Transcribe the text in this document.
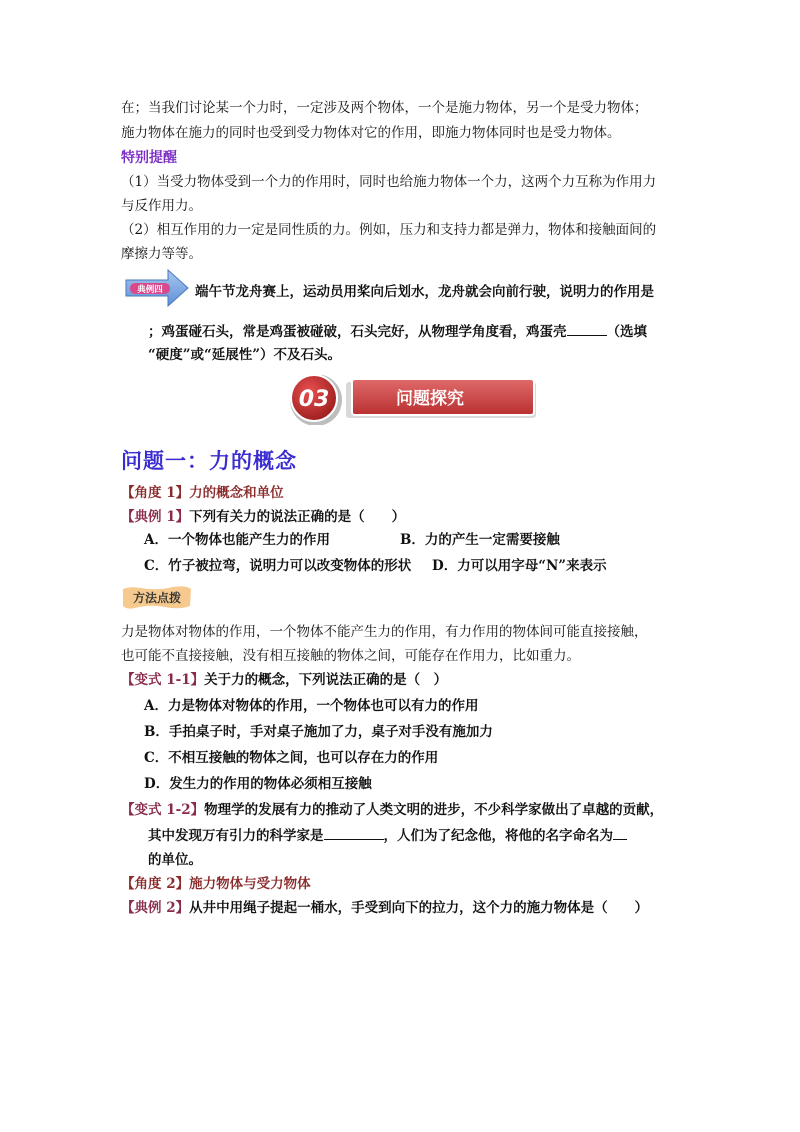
在；当我们讨论某一个力时，一定涉及两个物体，一个是施力物体，另一个是受力物体；
施力物体在施力的同时也受到受力物体对它的作用，即施力物体同时也是受力物体。
特别提醒
（1）当受力物体受到一个力的作用时，同时也给施力物体一个力，这两个力互称为作用力
与反作用力。
（2）相互作用的力一定是同性质的力。例如，压力和支持力都是弹力，物体和接触面间的
摩擦力等等。
典例四 端午节龙舟赛上，运动员用桨向后划水，龙舟就会向前行驶，说明力的作用是
；鸡蛋碰石头，常是鸡蛋被碰破，石头完好，从物理学角度看，鸡蛋壳	（选填
“硬度”或“延展性”）不及石头。
03	问题探究
问题一：力的概念
【角度 1】力的概念和单位
【典例 1】下列有关力的说法正确的是（　　）
A．一个物体也能产生力的作用	B．力的产生一定需要接触
C．竹子被拉弯，说明力可以改变物体的形状 D．力可以用字母“N”来表示
方法点拨
力是物体对物体的作用，一个物体不能产生力的作用，有力作用的物体间可能直接接触，
也可能不直接接触，没有相互接触的物体之间，可能存在作用力，比如重力。
【变式 1-1】关于力的概念，下列说法正确的是（　）
A．力是物体对物体的作用，一个物体也可以有力的作用
B．手拍桌子时，手对桌子施加了力，桌子对手没有施加力
C．不相互接触的物体之间，也可以存在力的作用
D．发生力的作用的物体必须相互接触
【变式 1-2】物理学的发展有力的推动了人类文明的进步，不少科学家做出了卓越的贡献，
其中发现万有引力的科学家是	，人们为了纪念他，将他的名字命名为
的单位。
【角度 2】施力物体与受力物体
【典例 2】从井中用绳子提起一桶水，手受到向下的拉力，这个力的施力物体是（　　）
